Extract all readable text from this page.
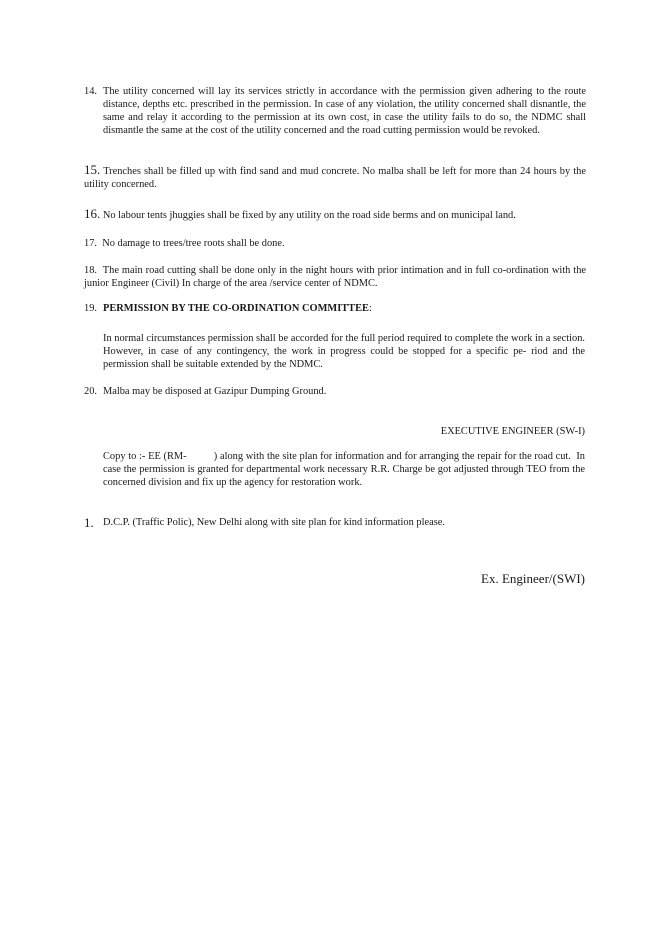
14. The utility concerned will lay its services strictly in accordance with the permission given adhering to the route distance, depths etc. prescribed in the permission. In case of any violation, the utility concerned shall disnantle, the same and relay it according to the permission at its own cost, in case the utility fails to do so, the NDMC shall dismantle the same at the cost of the utility concerned and the road cutting permission would be revoked.
15. Trenches shall be filled up with find sand and mud concrete. No malba shall be left for more than 24 hours by the utility concerned.
16. No labour tents jhuggies shall be fixed by any utility on the road side berms and on municipal land.
17. No damage to trees/tree roots shall be done.
18. The main road cutting shall be done only in the night hours with prior intimation and in full co-ordination with the junior Engineer (Civil) In charge of the area /service center of NDMC.
19. PERMISSION BY THE CO-ORDINATION COMMITTEE:
In normal circumstances permission shall be accorded for the full period required to complete the work in a section. However, in case of any contingency, the work in progress could be stopped for a specific pe- riod and the permission shall be suitable extended by the NDMC.
20. Malba may be disposed at Gazipur Dumping Ground.
EXECUTIVE ENGINEER (SW-I)
Copy to :- EE (RM-          ) along with the site plan for information and for arranging the repair for the road cut.  In case the permission is granted for departmental work necessary R.R. Charge be got adjusted through TEO from the concerned division and fix up the agency for restoration work.
1. D.C.P. (Traffic Polic), New Delhi along with site plan for kind information please.
Ex. Engineer/(SWI)
